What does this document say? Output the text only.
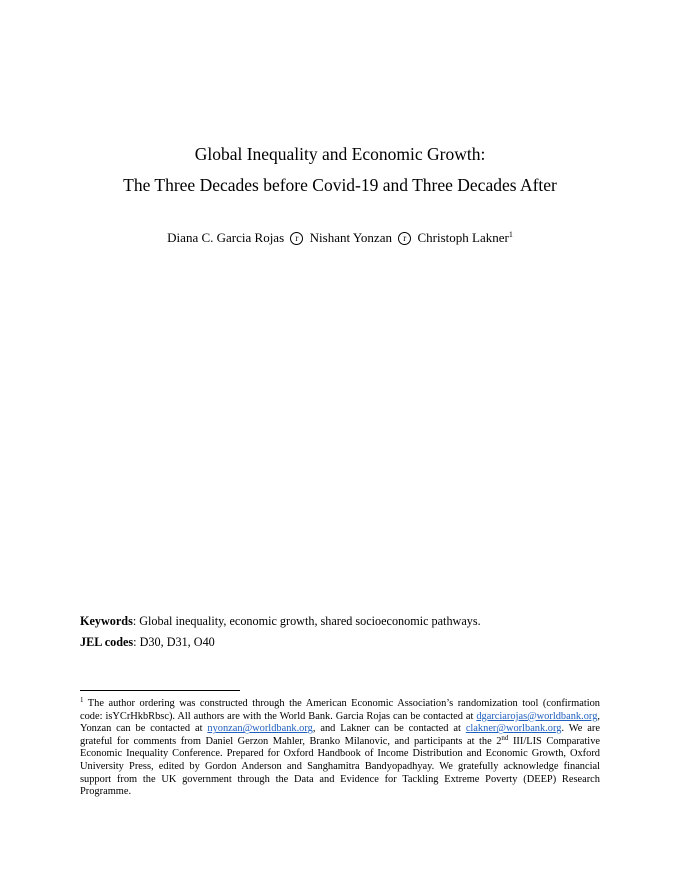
Global Inequality and Economic Growth:
The Three Decades before Covid-19 and Three Decades After
Diana C. Garcia Rojas r Nishant Yonzan r Christoph Lakner$^1$
Keywords: Global inequality, economic growth, shared socioeconomic pathways.
JEL codes: D30, D31, O40
$^1$ The author ordering was constructed through the American Economic Association’s randomization tool (confirmation code: isYCrHkbRbsc). All authors are with the World Bank. Garcia Rojas can be contacted at dgarciarojas@worldbank.org, Yonzan can be contacted at nyonzan@worldbank.org, and Lakner can be contacted at clakner@worlbank.org. We are grateful for comments from Daniel Gerzon Mahler, Branko Milanovic, and participants at the 2nd III/LIS Comparative Economic Inequality Conference. Prepared for Oxford Handbook of Income Distribution and Economic Growth, Oxford University Press, edited by Gordon Anderson and Sanghamitra Bandyopadhyay. We gratefully acknowledge financial support from the UK government through the Data and Evidence for Tackling Extreme Poverty (DEEP) Research Programme.
